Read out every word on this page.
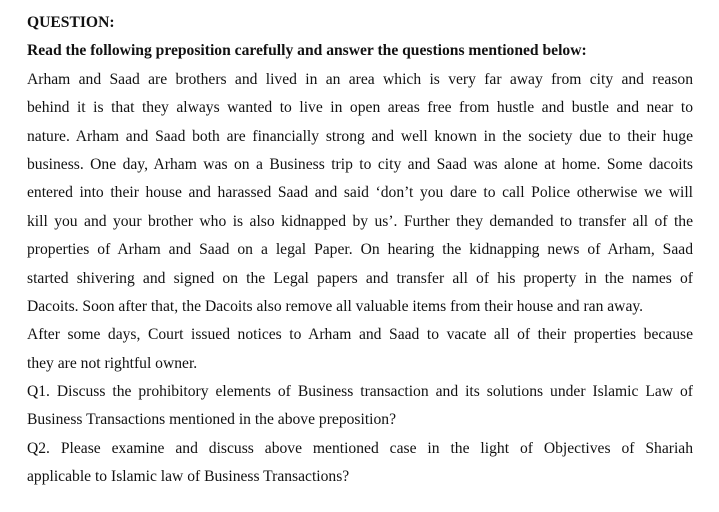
QUESTION:
Read the following preposition carefully and answer the questions mentioned below:
Arham and Saad are brothers and lived in an area which is very far away from city and reason
behind it is that they always wanted to live in open areas free from hustle and bustle and near to
nature. Arham and Saad both are financially strong and well known in the society due to their huge
business. One day, Arham was on a Business trip to city and Saad was alone at home. Some dacoits
entered into their house and harassed Saad and said ‘don’t you dare to call Police otherwise we will
kill you and your brother who is also kidnapped by us’. Further they demanded to transfer all of the
properties of Arham and Saad on a legal Paper. On hearing the kidnapping news of Arham, Saad
started shivering and signed on the Legal papers and transfer all of his property in the names of
Dacoits. Soon after that, the Dacoits also remove all valuable items from their house and ran away.
After some days, Court issued notices to Arham and Saad to vacate all of their properties because
they are not rightful owner.
Q1. Discuss the prohibitory elements of Business transaction and its solutions under Islamic Law of
Business Transactions mentioned in the above preposition?
Q2. Please examine and discuss above mentioned case in the light of Objectives of Shariah
applicable to Islamic law of Business Transactions?
